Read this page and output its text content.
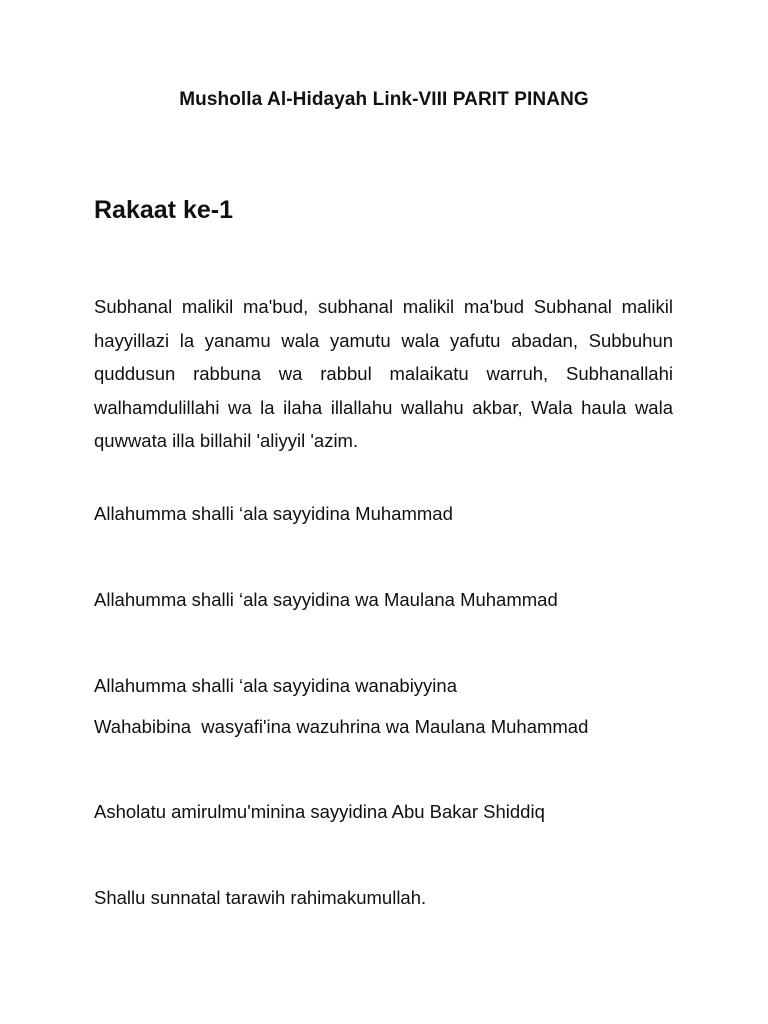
Musholla Al-Hidayah Link-VIII PARIT PINANG
Rakaat ke-1
Subhanal malikil ma'bud, subhanal malikil ma'bud Subhanal malikil hayyillazi la yanamu wala yamutu wala yafutu abadan, Subbuhun quddusun rabbuna wa rabbul malaikatu warruh, Subhanallahi walhamdulillahi wa la ilaha illallahu wallahu akbar, Wala haula wala quwwata illa billahil 'aliyyil 'azim.
Allahumma shalli ‘ala sayyidina Muhammad
Allahumma shalli ‘ala sayyidina wa Maulana Muhammad
Allahumma shalli ‘ala sayyidina wanabiyyina
Wahabibina  wasyafi'ina wazuhrina wa Maulana Muhammad
Asholatu amirulmu'minina sayyidina Abu Bakar Shiddiq
Shallu sunnatal tarawih rahimakumullah.
